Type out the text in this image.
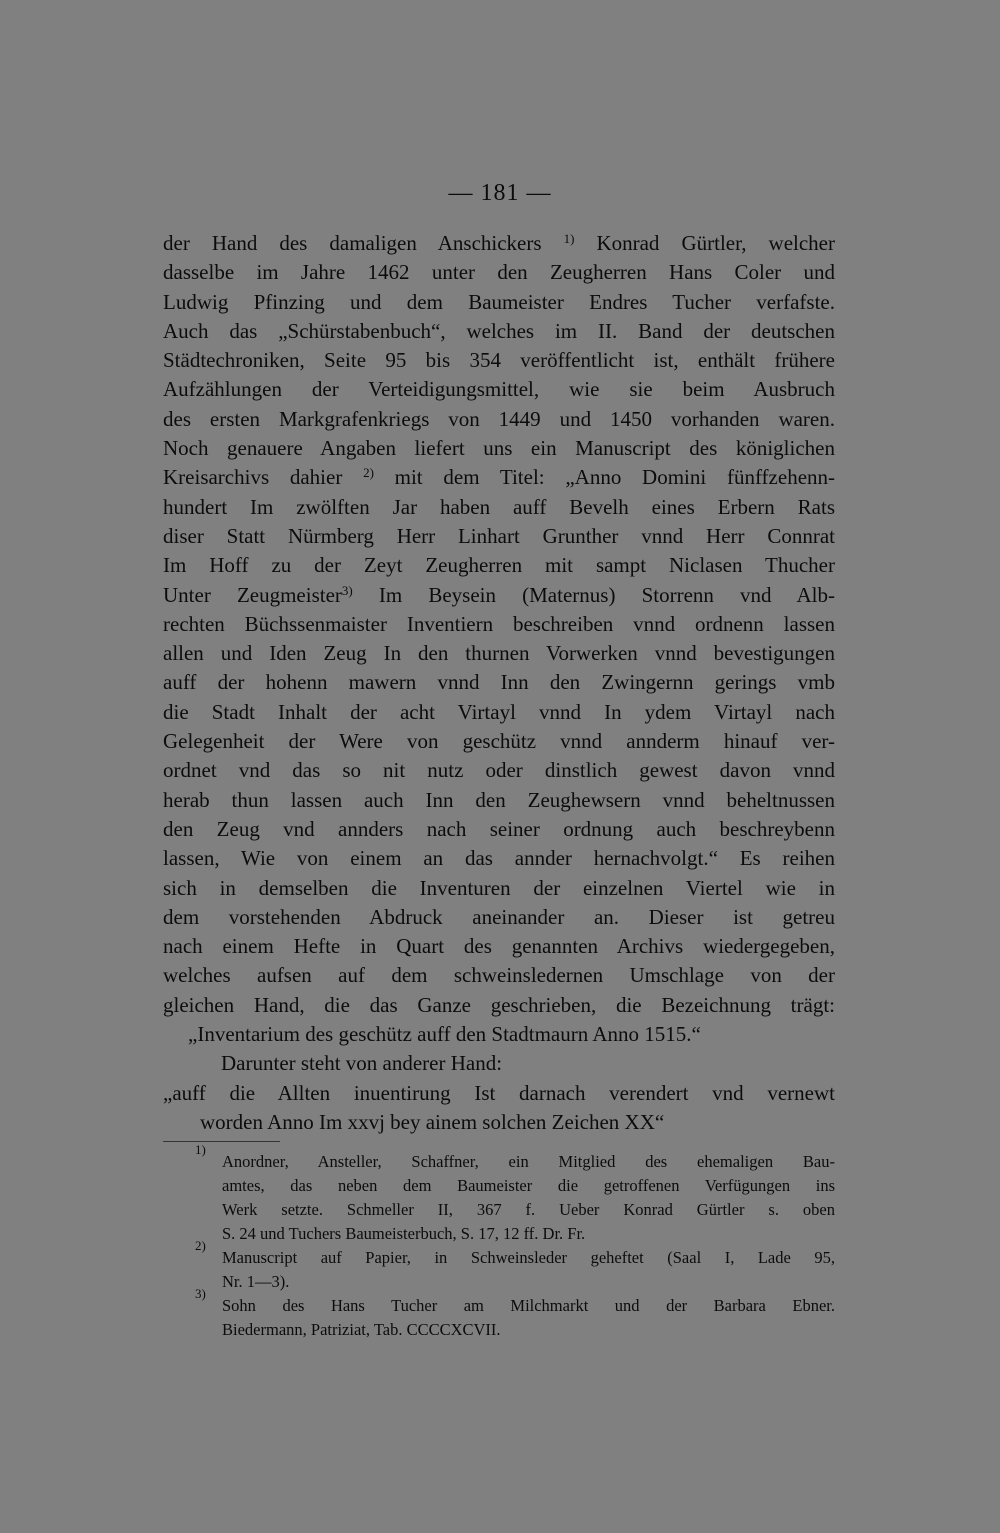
— 181 —
der Hand des damaligen Anschickers $^{1)}$ Konrad Gürtler, welcher
dasselbe im Jahre 1462 unter den Zeugherren Hans Coler und
Ludwig Pfinzing und dem Baumeister Endres Tucher verfafste.
Auch das „Schürstabenbuch“, welches im II. Band der deutschen
Städtechroniken, Seite 95 bis 354 veröffentlicht ist, enthält frühere
Aufzählungen der Verteidigungsmittel, wie sie beim Ausbruch
des ersten Markgrafenkriegs von 1449 und 1450 vorhanden waren.
Noch genauere Angaben liefert uns ein Manuscript des königlichen
Kreisarchivs dahier $^{2)}$ mit dem Titel: „Anno Domini fünffzehenn-
hundert Im zwölften Jar haben auff Bevelh eines Erbern Rats
diser Statt Nürmberg Herr Linhart Grunther vnnd Herr Connrat
Im Hoff zu der Zeyt Zeugherren mit sampt Niclasen Thucher
Unter Zeugmeister$^{3)}$ Im Beysein (Maternus) Storrenn vnd Alb-
rechten Büchssenmaister Inventiern beschreiben vnnd ordnenn lassen
allen und Iden Zeug In den thurnen Vorwerken vnnd bevestigungen
auff der hohenn mawern vnnd Inn den Zwingernn gerings vmb
die Stadt Inhalt der acht Virtayl vnnd In ydem Virtayl nach
Gelegenheit der Were von geschütz vnnd annderm hinauf ver-
ordnet vnd das so nit nutz oder dinstlich gewest davon vnnd
herab thun lassen auch Inn den Zeughewsern vnnd beheltnussen
den Zeug vnd annders nach seiner ordnung auch beschreybenn
lassen, Wie von einem an das annder hernachvolgt.“ Es reihen
sich in demselben die Inventuren der einzelnen Viertel wie in
dem vorstehenden Abdruck aneinander an. Dieser ist getreu
nach einem Hefte in Quart des genannten Archivs wiedergegeben,
welches aufsen auf dem schweinsledernen Umschlage von der
gleichen Hand, die das Ganze geschrieben, die Bezeichnung trägt:
„Inventarium des geschütz auff den Stadtmaurn Anno 1515.“
Darunter steht von anderer Hand:
„auff die Allten inuentirung Ist darnach verendert vnd vernewt
worden Anno Im xxvj bey ainem solchen Zeichen XX“
1)
Anordner, Ansteller, Schaffner, ein Mitglied des ehemaligen Bau-
amtes, das neben dem Baumeister die getroffenen Verfügungen ins
Werk setzte. Schmeller II, 367 f. Ueber Konrad Gürtler s. oben
S. 24 und Tuchers Baumeisterbuch, S. 17, 12 ff. Dr. Fr.
2)
Manuscript auf Papier, in Schweinsleder geheftet (Saal I, Lade 95,
Nr. 1—3).
3)
Sohn des Hans Tucher am Milchmarkt und der Barbara Ebner.
Biedermann, Patriziat, Tab. CCCCXCVII.
